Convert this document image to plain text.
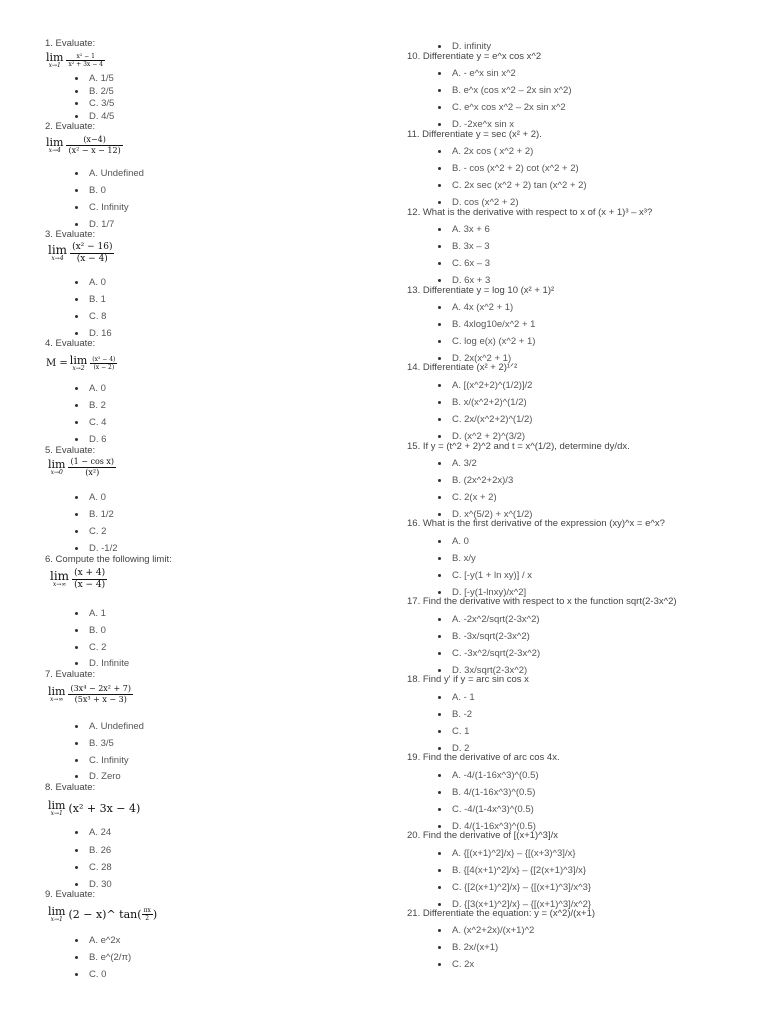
1. Evaluate:
lim
$x\to 1 \frac{\text{x² − 1}}{\text{x² + 3x − 4}}$
A. 1/5
B. 2/5
C. 3/5
D. 4/5
2. Evaluate:
lim
$x\to 4 \frac{(x-4)}{\text{(x² − x − 12)}}$
A. Undefined
B. 0
C. Infinity
D. 1/7
3. Evaluate:
lim
$x\to 4 \frac{\text{(x² − 16)}}{(x - 4)}$
A. 0
B. 1
C. 8
D. 16
4. Evaluate:
M = lim
$x\to 2 \frac{\text{(x² − 4)}}{(x - 2)}$
A. 0
B. 2
C. 4
D. 6
5. Evaluate:
lim
$x\to 0 \frac{\text{(1 − cos x)}}{\text{(x²)}}$
A. 0
B. 1/2
C. 2
D. -1/2
6. Compute the following limit:
lim
$x\to\infty \frac{(x + 4)}{(x - 4)}$
A. 1
B. 0
C. 2
D. Infinite
7. Evaluate:
lim
$x\to\infty \frac{\text{(3x⁴ − 2x² + 7)}}{\text{(5x³ + x − 3)}}$
A. Undefined
B. 3/5
C. Infinity
D. Zero
8. Evaluate:
lim
x→1 (x² + 3x − 4)
A. 24
B. 26
C. 28
D. 30
9. Evaluate:
lim
x→1 (2 − x)^ $\tan( \frac{\pi x}{2}$ )
A. e^2x
B. e^(2/π)
C. 0
D. infinity
10. Differentiate y = e^x cos x^2
A. - e^x sin x^2
B. e^x (cos x^2 – 2x sin x^2)
C. e^x cos x^2 – 2x sin x^2
D. -2xe^x sin x
11. Differentiate y = sec (x² + 2).
A. 2x cos ( x^2 + 2)
B. - cos (x^2 + 2) cot (x^2 + 2)
C. 2x sec (x^2 + 2) tan (x^2 + 2)
D. cos (x^2 + 2)
12. What is the derivative with respect to x of (x + 1)³ – x³?
A. 3x + 6
B. 3x – 3
C. 6x – 3
D. 6x + 3
13. Differentiate y = log 10 (x² + 1)²
A. 4x (x^2 + 1)
B. 4xlog10e/x^2 + 1
C. log e(x) (x^2 + 1)
D. 2x(x^2 + 1)
14. Differentiate (x² + 2)¹ᐟ²
A. [(x^2+2)^(1/2)]/2
B. x/(x^2+2)^(1/2)
C. 2x/(x^2+2)^(1/2)
D. (x^2 + 2)^(3/2)
15. If y = (t^2 + 2)^2 and t = x^(1/2), determine dy/dx.
A. 3/2
B. (2x^2+2x)/3
C. 2(x + 2)
D. x^(5/2) + x^(1/2)
16. What is the first derivative of the expression (xy)^x = e^x?
A. 0
B. x/y
C. [-y(1 + ln xy)] / x
D. [-y(1-lnxy)/x^2]
17. Find the derivative with respect to x the function sqrt(2-3x^2)
A. -2x^2/sqrt(2-3x^2)
B. -3x/sqrt(2-3x^2)
C. -3x^2/sqrt(2-3x^2)
D. 3x/sqrt(2-3x^2)
18. Find y' if y = arc sin cos x
A. - 1
B. -2
C. 1
D. 2
19. Find the derivative of arc cos 4x.
A. -4/(1-16x^3)^(0.5)
B. 4/(1-16x^3)^(0.5)
C. -4/(1-4x^3)^(0.5)
D. 4/(1-16x^3)^(0.5)
20. Find the derivative of [(x+1)^3]/x
A. {[(x+1)^2]/x} – {[(x+3)^3]/x}
B. {[4(x+1)^2]/x} – {[2(x+1)^3]/x}
C. {[2(x+1)^2]/x} – {[(x+1)^3]/x^3}
D. {[3(x+1)^2]/x} – {[(x+1)^3]/x^2}
21. Differentiate the equation: y = (x^2)/(x+1)
A. (x^2+2x)/(x+1)^2
B. 2x/(x+1)
C. 2x
